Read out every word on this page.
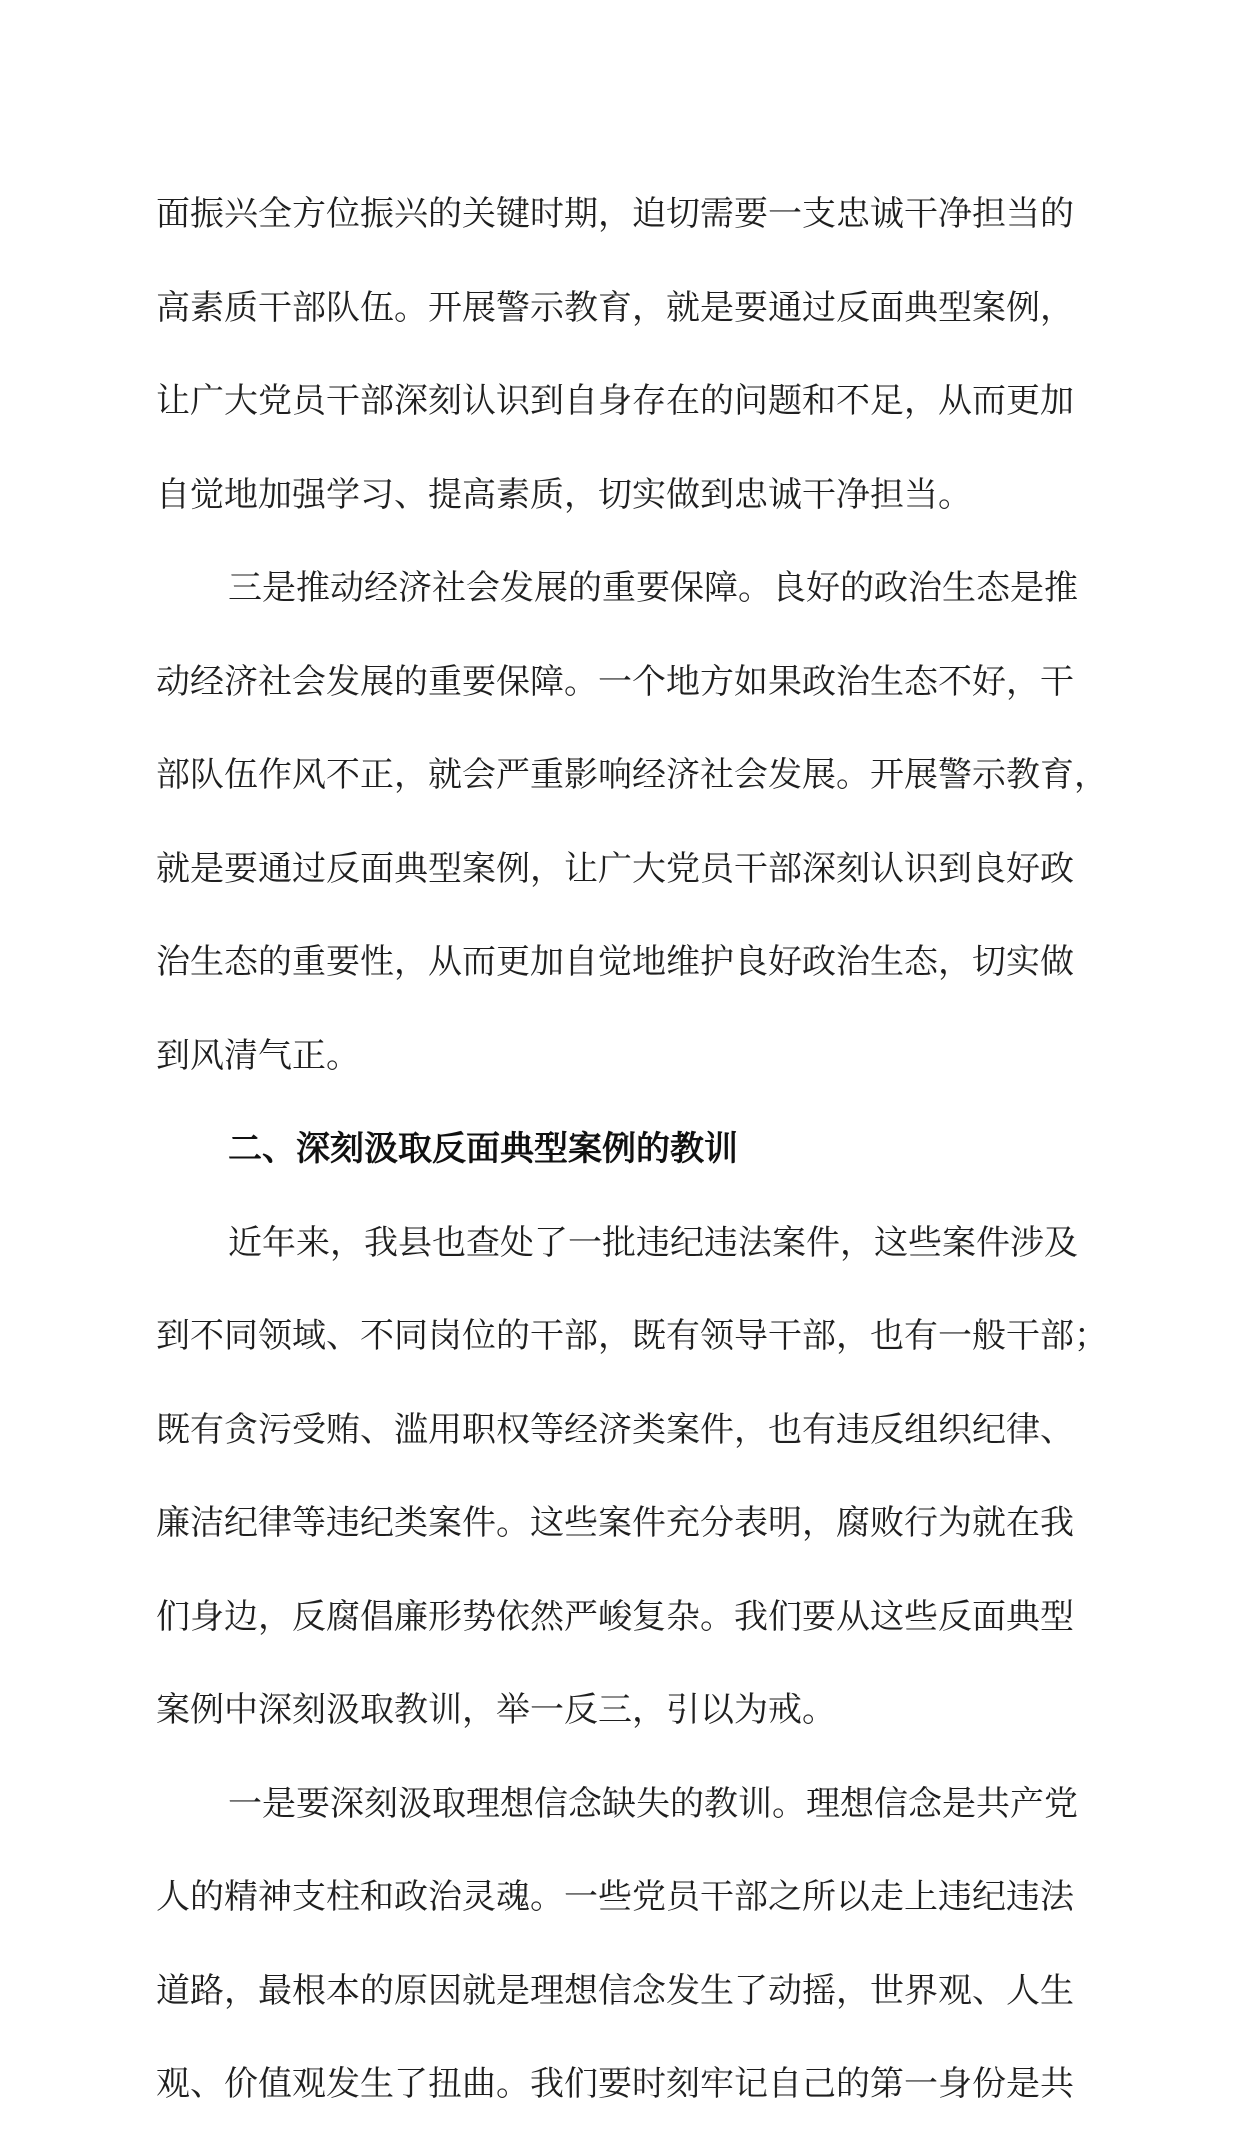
面振兴全方位振兴的关键时期，迫切需要一支忠诚干净担当的
高素质干部队伍。开展警示教育，就是要通过反面典型案例，
让广大党员干部深刻认识到自身存在的问题和不足，从而更加
自觉地加强学习、提高素质，切实做到忠诚干净担当。
三是推动经济社会发展的重要保障。良好的政治生态是推
动经济社会发展的重要保障。一个地方如果政治生态不好，干
部队伍作风不正，就会严重影响经济社会发展。开展警示教育，
就是要通过反面典型案例，让广大党员干部深刻认识到良好政
治生态的重要性，从而更加自觉地维护良好政治生态，切实做
到风清气正。
二、深刻汲取反面典型案例的教训
近年来，我县也查处了一批违纪违法案件，这些案件涉及
到不同领域、不同岗位的干部，既有领导干部，也有一般干部；
既有贪污受贿、滥用职权等经济类案件，也有违反组织纪律、
廉洁纪律等违纪类案件。这些案件充分表明，腐败行为就在我
们身边，反腐倡廉形势依然严峻复杂。我们要从这些反面典型
案例中深刻汲取教训，举一反三，引以为戒。
一是要深刻汲取理想信念缺失的教训。理想信念是共产党
人的精神支柱和政治灵魂。一些党员干部之所以走上违纪违法
道路，最根本的原因就是理想信念发生了动摇，世界观、人生
观、价值观发生了扭曲。我们要时刻牢记自己的第一身份是共
